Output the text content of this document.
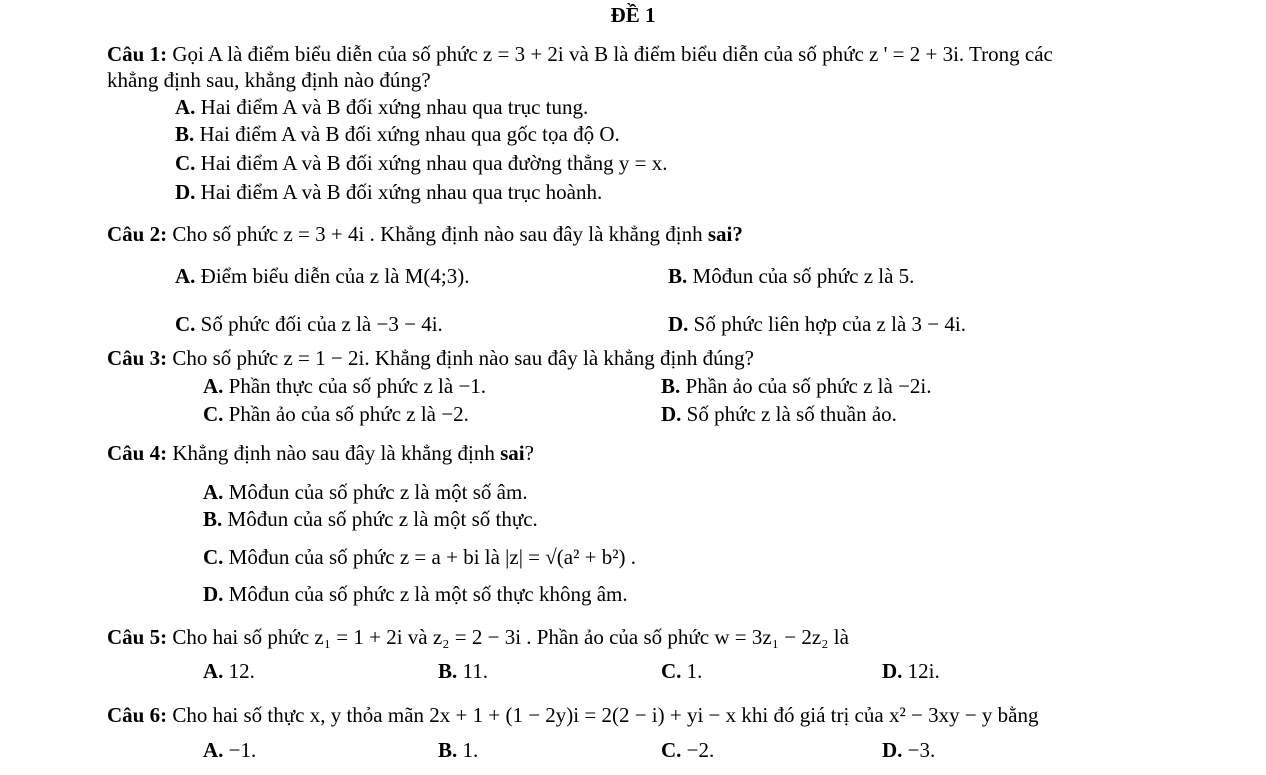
ĐỀ 1
Câu 1: Gọi A là điểm biểu diễn của số phức z = 3 + 2i và B là điểm biểu diễn của số phức z ' = 2 + 3i. Trong các
khẳng định sau, khẳng định nào đúng?
A. Hai điểm A và B đối xứng nhau qua trục tung.
B. Hai điểm A và B đối xứng nhau qua gốc tọa độ O.
C. Hai điểm A và B đối xứng nhau qua đường thẳng y = x.
D. Hai điểm A và B đối xứng nhau qua trục hoành.
Câu 2: Cho số phức z = 3 + 4i . Khẳng định nào sau đây là khẳng định sai?
A. Điểm biểu diễn của z là M(4;3).	B. Môđun của số phức z là 5.
C. Số phức đối của z là −3 − 4i.	D. Số phức liên hợp của z là 3 − 4i.
Câu 3: Cho số phức z = 1 − 2i. Khẳng định nào sau đây là khẳng định đúng?
A. Phần thực của số phức z là −1.	B. Phần ảo của số phức z là −2i.
C. Phần ảo của số phức z là −2.	D. Số phức z là số thuần ảo.
Câu 4: Khẳng định nào sau đây là khẳng định sai?
A. Môđun của số phức z là một số âm.
B. Môđun của số phức z là một số thực.
C. Môđun của số phức z = a + bi là |z| = √(a² + b²) .
D. Môđun của số phức z là một số thực không âm.
Câu 5: Cho hai số phức z₁ = 1 + 2i và z₂ = 2 − 3i . Phần ảo của số phức w = 3z₁ − 2z₂ là
A. 12.	B. 11.	C. 1.	D. 12i.
Câu 6: Cho hai số thực x, y thỏa mãn 2x + 1 + (1 − 2y)i = 2(2 − i) + yi − x khi đó giá trị của x² − 3xy − y bằng
A. −1.	B. 1.	C. −2.	D. −3.
